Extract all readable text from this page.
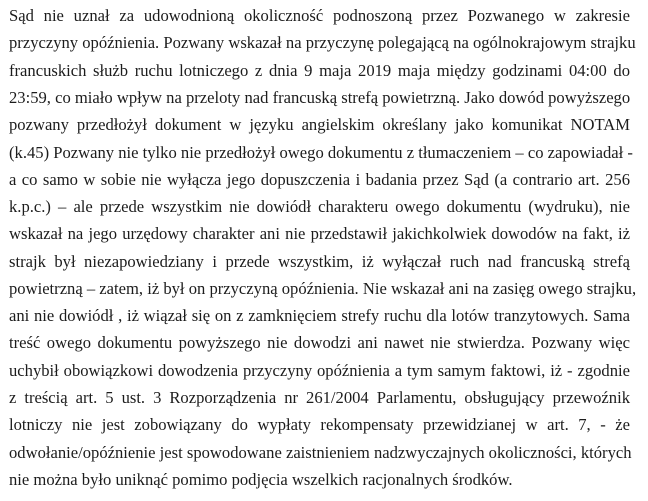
Sąd nie uznał za udowodnioną okoliczność podnoszoną przez Pozwanego w zakresie
przyczyny opóźnienia. Pozwany wskazał na przyczynę polegającą na ogólnokrajowym strajku
francuskich służb ruchu lotniczego z dnia 9 maja 2019 maja między godzinami 04:00 do
23:59, co miało wpływ na przeloty nad francuską strefą powietrzną. Jako dowód powyższego
pozwany przedłożył dokument w języku angielskim określany jako komunikat NOTAM
(k.45) Pozwany nie tylko nie przedłożył owego dokumentu z tłumaczeniem – co zapowiadał -
a co samo w sobie nie wyłącza jego dopuszczenia i badania przez Sąd (a contrario art. 256
k.p.c.) – ale przede wszystkim nie dowiódł charakteru owego dokumentu (wydruku), nie
wskazał na jego urzędowy charakter ani nie przedstawił jakichkolwiek dowodów na fakt, iż
strajk był niezapowiedziany i przede wszystkim, iż wyłączał ruch nad francuską strefą
powietrzną – zatem, iż był on przyczyną opóźnienia. Nie wskazał ani na zasięg owego strajku,
ani nie dowiódł , iż wiązał się on z zamknięciem strefy ruchu dla lotów tranzytowych. Sama
treść owego dokumentu powyższego nie dowodzi ani nawet nie stwierdza. Pozwany więc
uchybił obowiązkowi dowodzenia przyczyny opóźnienia a tym samym faktowi, iż - zgodnie
z treścią art. 5 ust. 3 Rozporządzenia nr 261/2004 Parlamentu, obsługujący przewoźnik
lotniczy nie jest zobowiązany do wypłaty rekompensaty przewidzianej w art. 7, - że
odwołanie/opóźnienie jest spowodowane zaistnieniem nadzwyczajnych okoliczności, których
nie można było uniknąć pomimo podjęcia wszelkich racjonalnych środków.
